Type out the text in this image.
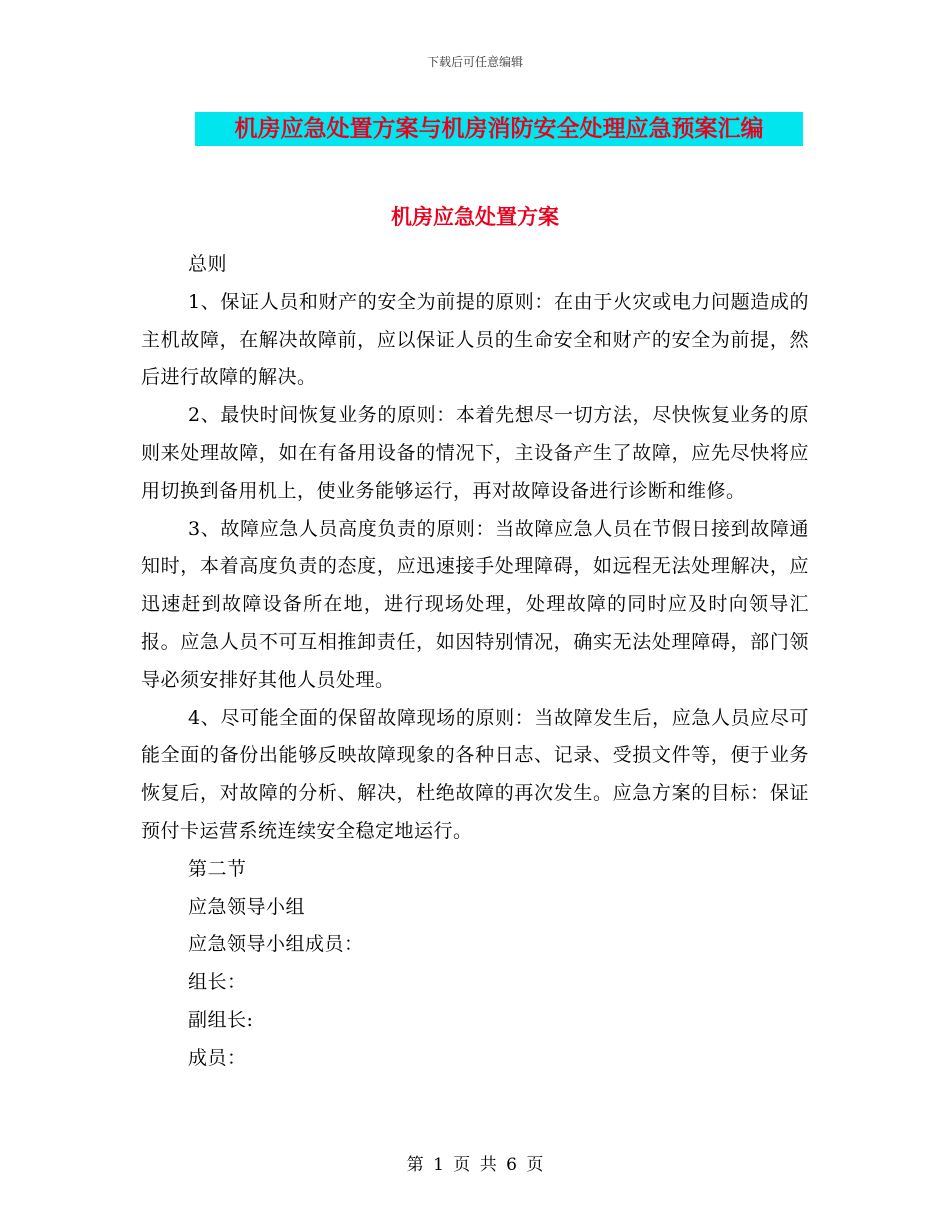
下载后可任意编辑
机房应急处置方案与机房消防安全处理应急预案汇编
机房应急处置方案

总则

1、保证人员和财产的安全为前提的原则：在由于火灾或电力问题造成的主机故障，在解决故障前，应以保证人员的生命安全和财产的安全为前提，然后进行故障的解决。

2、最快时间恢复业务的原则：本着先想尽一切方法，尽快恢复业务的原则来处理故障，如在有备用设备的情况下，主设备产生了故障，应先尽快将应用切换到备用机上，使业务能够运行，再对故障设备进行诊断和维修。

3、故障应急人员高度负责的原则：当故障应急人员在节假日接到故障通知时，本着高度负责的态度，应迅速接手处理障碍，如远程无法处理解决，应迅速赶到故障设备所在地，进行现场处理，处理故障的同时应及时向领导汇报。应急人员不可互相推卸责任，如因特别情况，确实无法处理障碍，部门领导必须安排好其他人员处理。

4、尽可能全面的保留故障现场的原则：当故障发生后，应急人员应尽可能全面的备份出能够反映故障现象的各种日志、记录、受损文件等，便于业务恢复后，对故障的分析、解决，杜绝故障的再次发生。应急方案的目标：保证预付卡运营系统连续安全稳定地运行。

第二节

应急领导小组

应急领导小组成员：

组长：

副组长:

成员：

第 1 页 共 6 页
